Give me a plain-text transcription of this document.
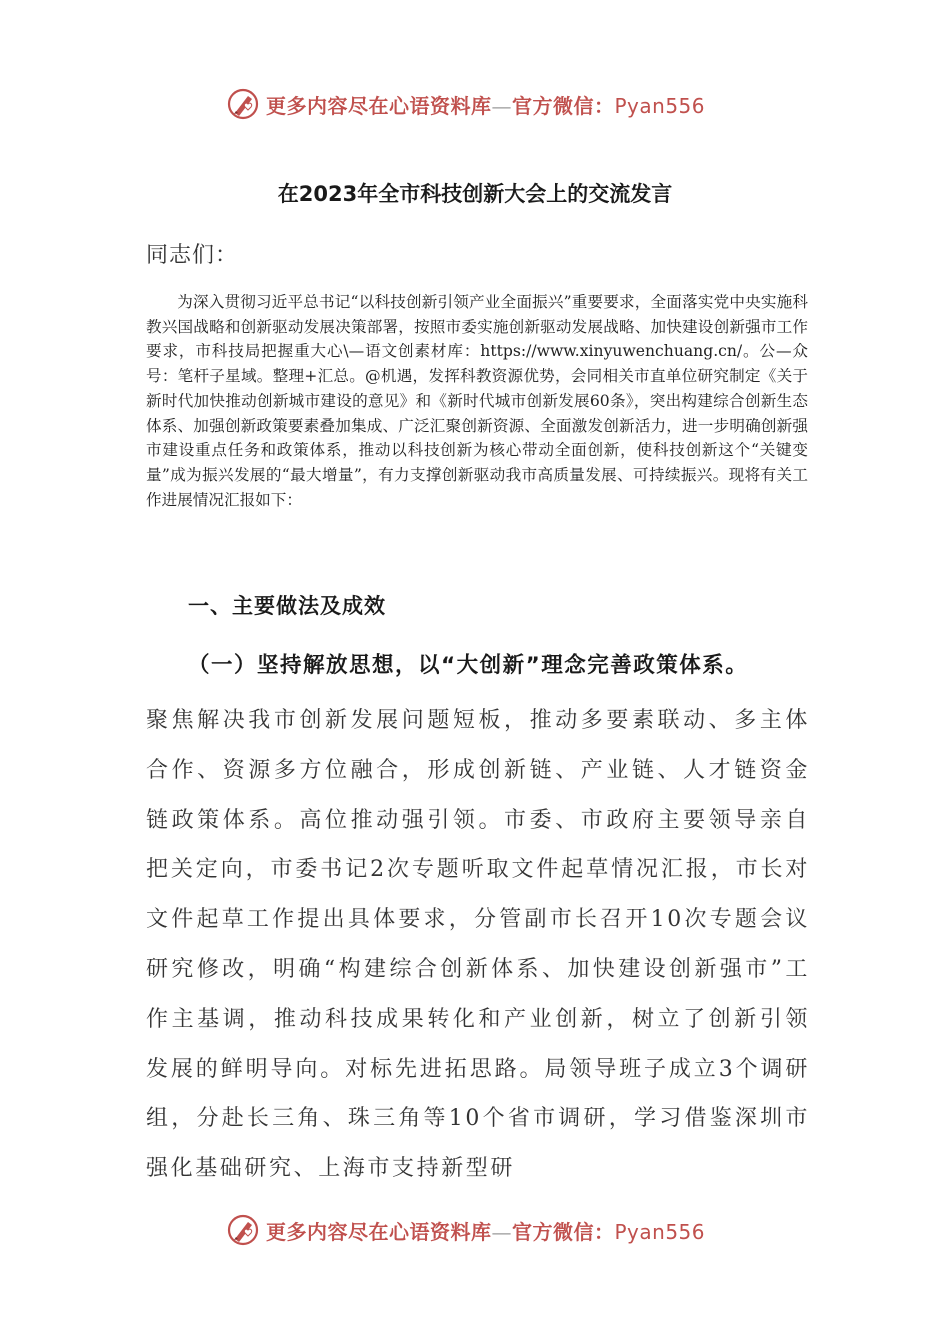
更多内容尽在心语资料库—官方微信：Pyan556
在2023年全市科技创新大会上的交流发言
同志们：
为深入贯彻习近平总书记“以科技创新引领产业全面振兴”重要要求，全面落实党中央实施科教兴国战略和创新驱动发展决策部署，按照市委实施创新驱动发展战略、加快建设创新强市工作要求，市科技局把握重大心\—语文创素材库：https://www.xinyuwenchuang.cn/。公—众号：笔杆子星域。整理+汇总。@机遇，发挥科教资源优势，会同相关市直单位研究制定《关于新时代加快推动创新城市建设的意见》和《新时代城市创新发展60条》，突出构建综合创新生态体系、加强创新政策要素叠加集成、广泛汇聚创新资源、全面激发创新活力，进一步明确创新强市建设重点任务和政策体系，推动以科技创新为核心带动全面创新，使科技创新这个“关键变量”成为振兴发展的“最大增量”，有力支撑创新驱动我市高质量发展、可持续振兴。现将有关工作进展情况汇报如下：
一、主要做法及成效
（一）坚持解放思想，以“大创新”理念完善政策体系。
聚焦解决我市创新发展问题短板，推动多要素联动、多主体合作、资源多方位融合，形成创新链、产业链、人才链资金链政策体系。高位推动强引领。市委、市政府主要领导亲自把关定向，市委书记2次专题听取文件起草情况汇报，市长对文件起草工作提出具体要求，分管副市长召开10次专题会议研究修改，明确“构建综合创新体系、加快建设创新强市”工作主基调，推动科技成果转化和产业创新，树立了创新引领发展的鲜明导向。对标先进拓思路。局领导班子成立3个调研组，分赴长三角、珠三角等10个省市调研，学习借鉴深圳市强化基础研究、上海市支持新型研
更多内容尽在心语资料库—官方微信：Pyan556
